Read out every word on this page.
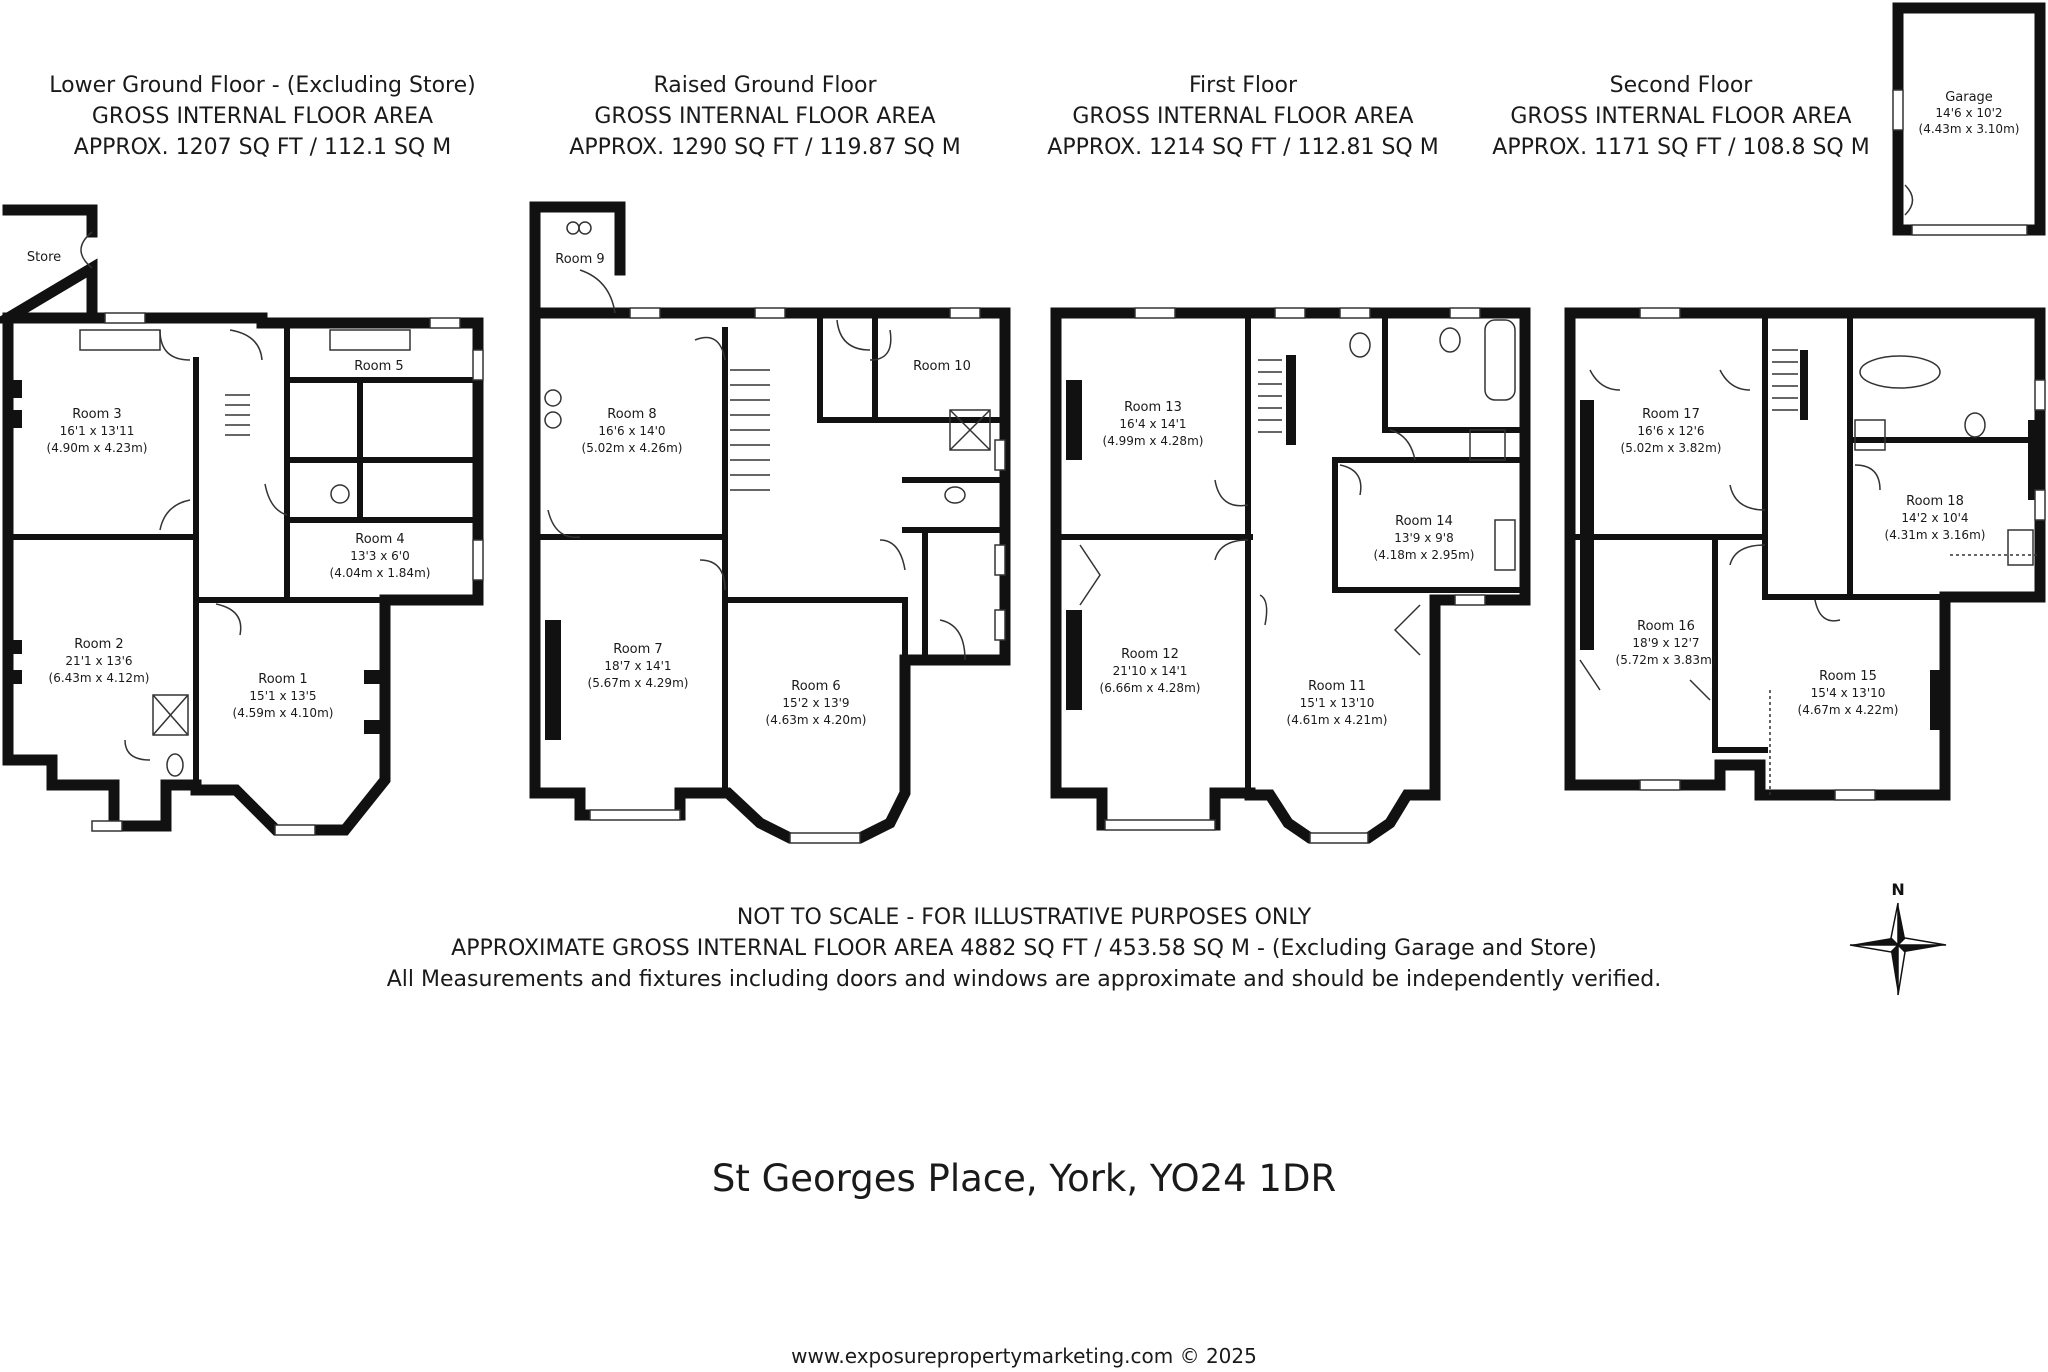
Lower Ground Floor - (Excluding Store)
GROSS INTERNAL FLOOR AREA
APPROX. 1207 SQ FT / 112.1 SQ M
Raised Ground Floor
GROSS INTERNAL FLOOR AREA
APPROX. 1290 SQ FT / 119.87 SQ M
First Floor
GROSS INTERNAL FLOOR AREA
APPROX. 1214 SQ FT / 112.81 SQ M
Second Floor
GROSS INTERNAL FLOOR AREA
APPROX. 1171 SQ FT / 108.8 SQ M
Store
Garage
14'6 x 10'2
(4.43m x 3.10m)
Room 3
16'1 x 13'11
(4.90m x 4.23m)
Room 5
Room 4
13'3 x 6'0
(4.04m x 1.84m)
Room 2
21'1 x 13'6
(6.43m x 4.12m)	Room 1
15'1 x 13'5
(4.59m x 4.10m)
Room 9
Room 8
16'6 x 14'0
(5.02m x 4.26m)
Room 10
Room 7
18'7 x 14'1
(5.67m x 4.29m)	Room 6
15'2 x 13'9
(4.63m x 4.20m)
Room 13
16'4 x 14'1
(4.99m x 4.28m)
Room 14
13'9 x 9'8
(4.18m x 2.95m)
Room 12
21'10 x 14'1
(6.66m x 4.28m)	Room 11
15'1 x 13'10
(4.61m x 4.21m)
Room 17
16'6 x 12'6
(5.02m x 3.82m)
Room 18
14'2 x 10'4
(4.31m x 3.16m)
Room 16
18'9 x 12'7
(5.72m x 3.83m)
Room 15
15'4 x 13'10
(4.67m x 4.22m)
N
NOT TO SCALE - FOR ILLUSTRATIVE PURPOSES ONLY
APPROXIMATE GROSS INTERNAL FLOOR AREA 4882 SQ FT / 453.58 SQ M - (Excluding Garage and Store)
All Measurements and fixtures including doors and windows are approximate and should be independently verified.
St Georges Place, York, YO24 1DR
www.exposurepropertymarketing.com © 2025
